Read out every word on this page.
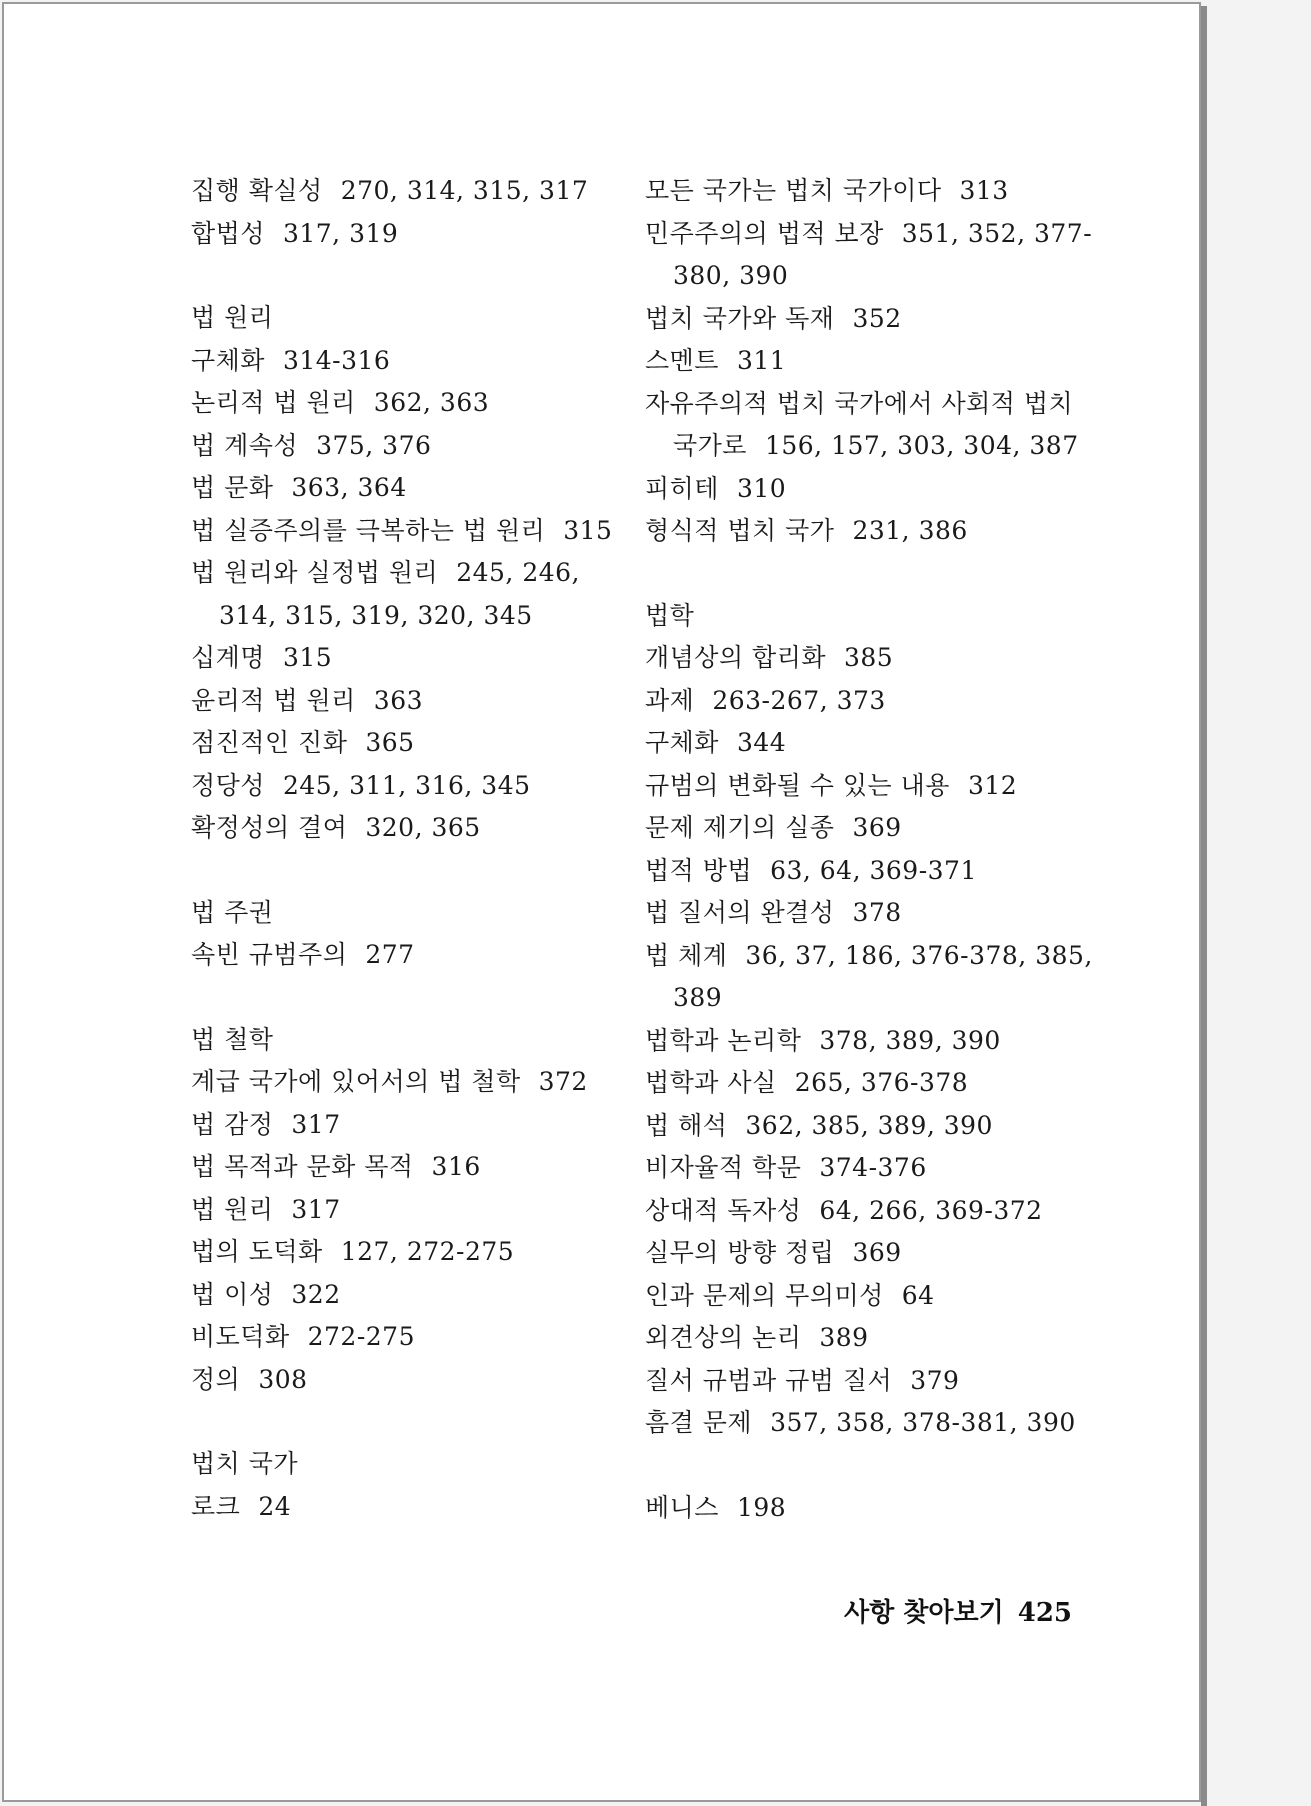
집행 확실성 270, 314, 315, 317
합법성 317, 319
법 원리
구체화 314-316
논리적 법 원리 362, 363
법 계속성 375, 376
법 문화 363, 364
법 실증주의를 극복하는 법 원리 315
법 원리와 실정법 원리 245, 246, 314, 315, 319, 320, 345
십계명 315
윤리적 법 원리 363
점진적인 진화 365
정당성 245, 311, 316, 345
확정성의 결여 320, 365
법 주권
속빈 규범주의 277
법 철학
계급 국가에 있어서의 법 철학 372
법 감정 317
법 목적과 문화 목적 316
법 원리 317
법의 도덕화 127, 272-275
법 이성 322
비도덕화 272-275
정의 308
법치 국가
로크 24
모든 국가는 법치 국가이다 313
민주주의의 법적 보장 351, 352, 377-380, 390
법치 국가와 독재 352
스멘트 311
자유주의적 법치 국가에서 사회적 법치 국가로 156, 157, 303, 304, 387
피히테 310
형식적 법치 국가 231, 386
법학
개념상의 합리화 385
과제 263-267, 373
구체화 344
규범의 변화될 수 있는 내용 312
문제 제기의 실종 369
법적 방법 63, 64, 369-371
법 질서의 완결성 378
법 체계 36, 37, 186, 376-378, 385, 389
법학과 논리학 378, 389, 390
법학과 사실 265, 376-378
법 해석 362, 385, 389, 390
비자율적 학문 374-376
상대적 독자성 64, 266, 369-372
실무의 방향 정립 369
인과 문제의 무의미성 64
외견상의 논리 389
질서 규범과 규범 질서 379
흠결 문제 357, 358, 378-381, 390
베니스 198
사항 찾아보기 425
